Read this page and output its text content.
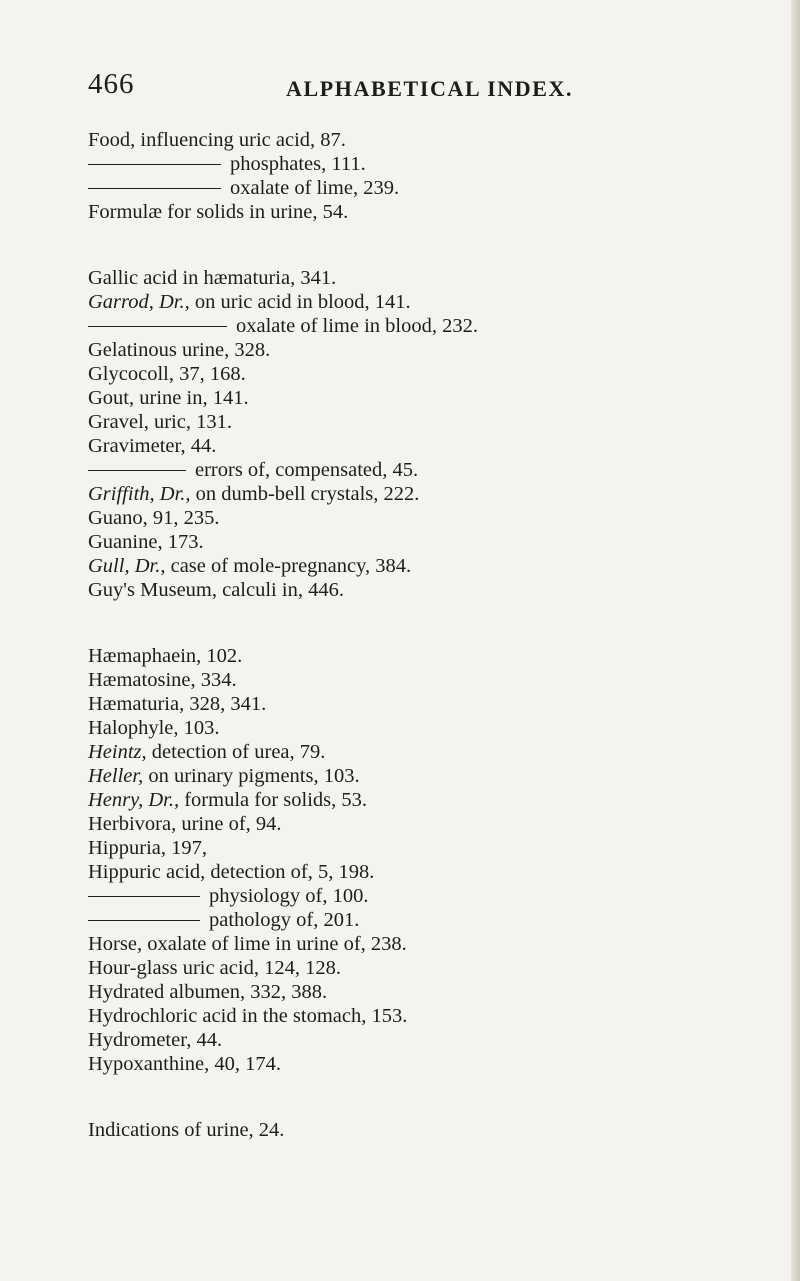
466	ALPHABETICAL INDEX.
Food, influencing uric acid, 87.
phosphates, 111.
oxalate of lime, 239.
Formulæ for solids in urine, 54.
Gallic acid in hæmaturia, 341.
Garrod, Dr., on uric acid in blood, 141.
oxalate of lime in blood, 232.
Gelatinous urine, 328.
Glycocoll, 37, 168.
Gout, urine in, 141.
Gravel, uric, 131.
Gravimeter, 44.
errors of, compensated, 45.
Griffith, Dr., on dumb-bell crystals, 222.
Guano, 91, 235.
Guanine, 173.
Gull, Dr., case of mole-pregnancy, 384.
Guy's Museum, calculi in, 446.
Hæmaphaein, 102.
Hæmatosine, 334.
Hæmaturia, 328, 341.
Halophyle, 103.
Heintz, detection of urea, 79.
Heller, on urinary pigments, 103.
Henry, Dr., formula for solids, 53.
Herbivora, urine of, 94.
Hippuria, 197,
Hippuric acid, detection of, 5, 198.
physiology of, 100.
pathology of, 201.
Horse, oxalate of lime in urine of, 238.
Hour-glass uric acid, 124, 128.
Hydrated albumen, 332, 388.
Hydrochloric acid in the stomach, 153.
Hydrometer, 44.
Hypoxanthine, 40, 174.
Indications of urine, 24.
